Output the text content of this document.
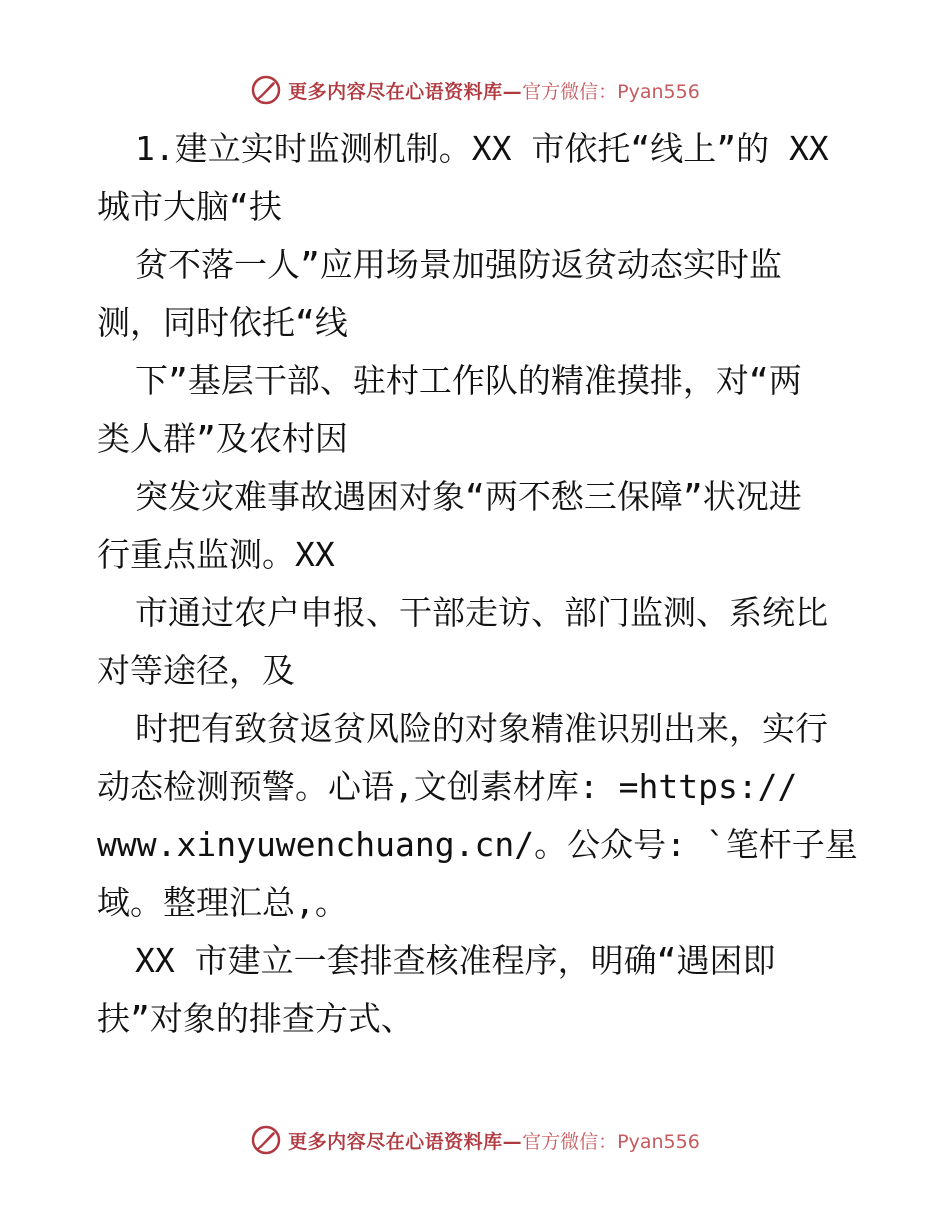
更多内容尽在心语资料库— 官方微信：Pyan556
1.建立实时监测机制。XX 市依托“线上”的 XX
城市大脑“扶
贫不落一人”应用场景加强防返贫动态实时监
测，同时依托“线
下”基层干部、驻村工作队的精准摸排，对“两
类人群”及农村因
突发灾难事故遇困对象“两不愁三保障”状况进
行重点监测。XX
市通过农户申报、干部走访、部门监测、系统比
对等途径，及
时把有致贫返贫风险的对象精准识别出来，实行
动态检测预警。心语,文创素材库: =https://
www.xinyuwenchuang.cn/。公众号: `笔杆子星
域。整理汇总,。
XX 市建立一套排查核准程序，明确“遇困即
扶”对象的排查方式、
更多内容尽在心语资料库— 官方微信：Pyan556
